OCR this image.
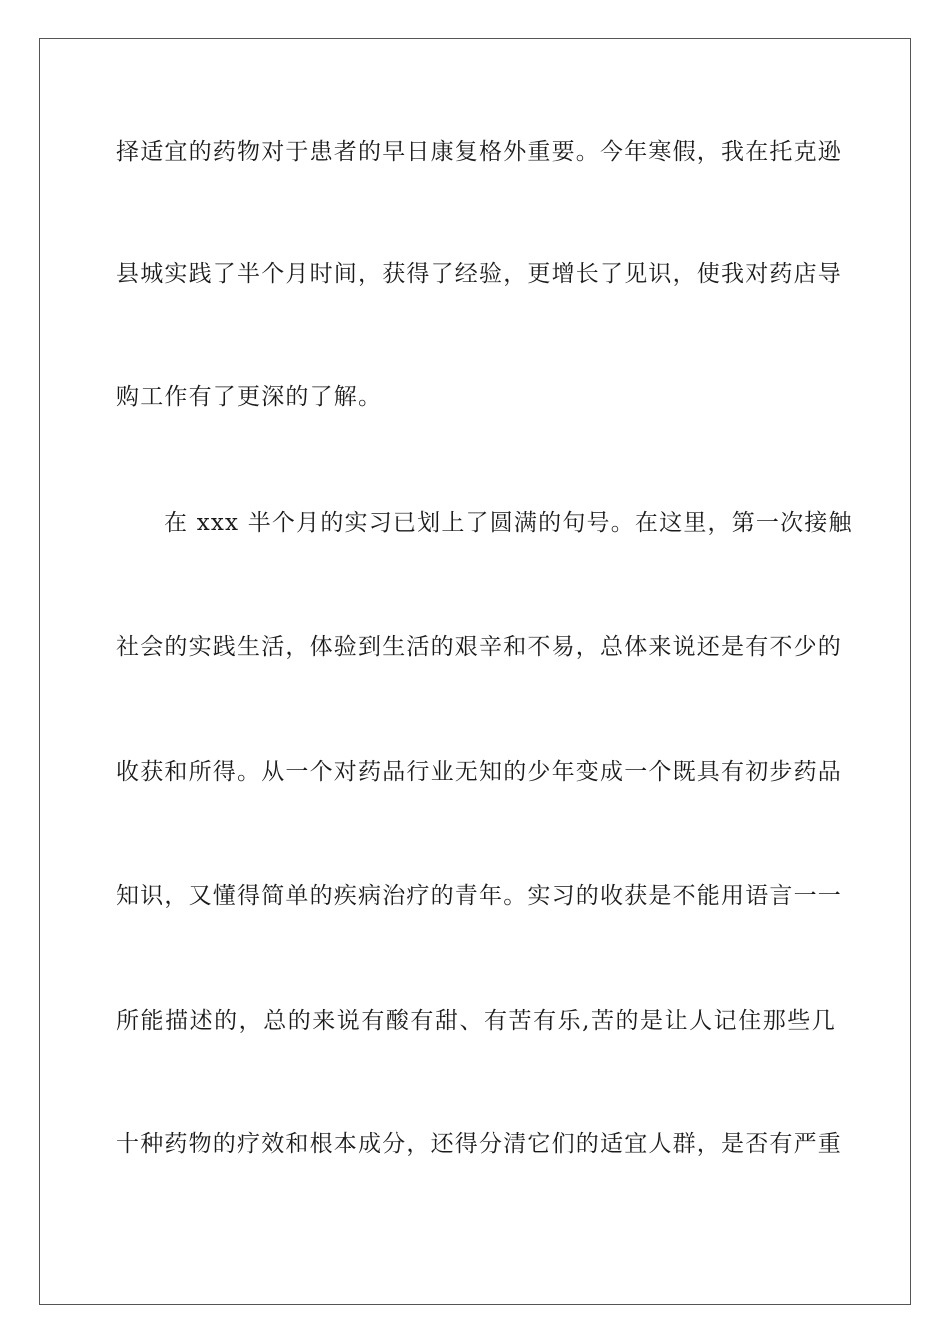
择适宜的药物对于患者的早日康复格外重要。今年寒假，我在托克逊
县城实践了半个月时间，获得了经验，更增长了见识，使我对药店导
购工作有了更深的了解。
在 xxx 半个月的实习已划上了圆满的句号。在这里，第一次接触
社会的实践生活，体验到生活的艰辛和不易，总体来说还是有不少的
收获和所得。从一个对药品行业无知的少年变成一个既具有初步药品
知识，又懂得简单的疾病治疗的青年。实习的收获是不能用语言一一
所能描述的，总的来说有酸有甜、有苦有乐,苦的是让人记住那些几
十种药物的疗效和根本成分，还得分清它们的适宜人群，是否有严重
